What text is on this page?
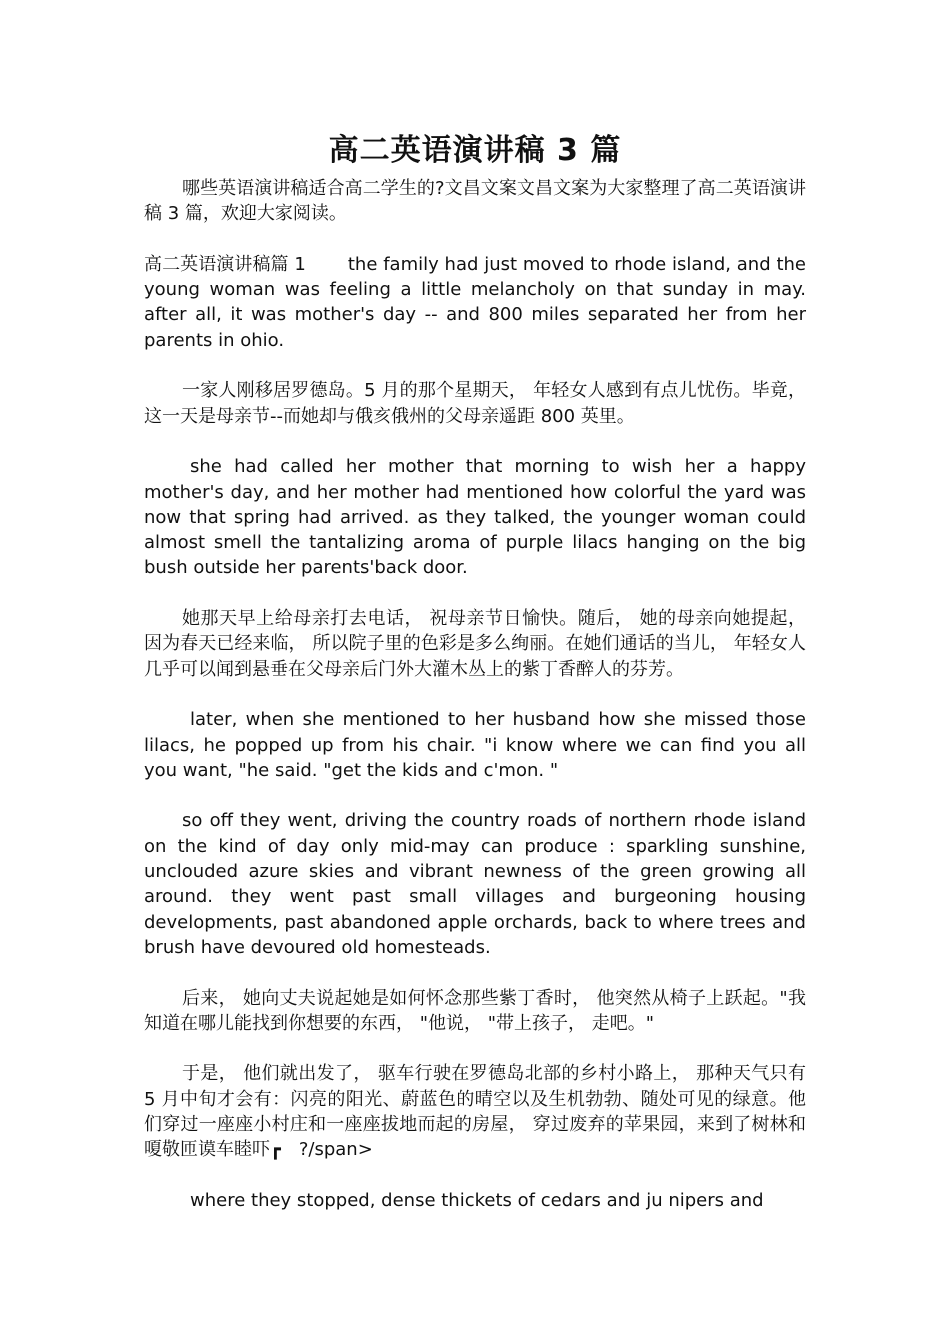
高二英语演讲稿 3 篇

哪些英语演讲稿适合高二学生的?文昌文案文昌文案为大家整理了高二英语演讲稿 3 篇，欢迎大家阅读。

高二英语演讲稿篇 1 the family had just moved to rhode island, and the young woman was feeling a little melancholy on that sunday in may. after all, it was mother's day -- and 800 miles separated her from her parents in ohio.

一家人刚移居罗德岛。5 月的那个星期天， 年轻女人感到有点儿忧伤。毕竟， 这一天是母亲节--而她却与俄亥俄州的父母亲遥距 800 英里。

she had called her mother that morning to wish her a happy mother's day, and her mother had mentioned how colorful the yard was now that spring had arrived. as they talked, the younger woman could almost smell the tantalizing aroma of purple lilacs hanging on the big bush outside her parents'back door.

她那天早上给母亲打去电话， 祝母亲节日愉快。随后， 她的母亲向她提起， 因为春天已经来临， 所以院子里的色彩是多么绚丽。在她们通话的当儿， 年轻女人几乎可以闻到悬垂在父母亲后门外大灌木丛上的紫丁香醉人的芬芳。

later, when she mentioned to her husband how she missed those lilacs, he popped up from his chair. "i know where we can find you all you want, "he said. "get the kids and c'mon. "

so off they went, driving the country roads of northern rhode island on the kind of day only mid-may can produce : sparkling sunshine, unclouded azure skies and vibrant newness of the green growing all around. they went past small villages and burgeoning housing developments, past abandoned apple orchards, back to where trees and brush have devoured old homesteads.

后来， 她向丈夫说起她是如何怀念那些紫丁香时， 他突然从椅子上跃起。"我知道在哪儿能找到你想要的东西， "他说， "带上孩子， 走吧。"

于是， 他们就出发了， 驱车行驶在罗德岛北部的乡村小路上， 那种天气只有 5 月中旬才会有：闪亮的阳光、蔚蓝色的晴空以及生机勃勃、随处可见的绿意。他们穿过一座座小村庄和一座座拔地而起的房屋， 穿过废弃的苹果园，来到了树林和嗄敬匝谟车睦吓┏　?/span>

where they stopped, dense thickets of cedars and ju nipers and
